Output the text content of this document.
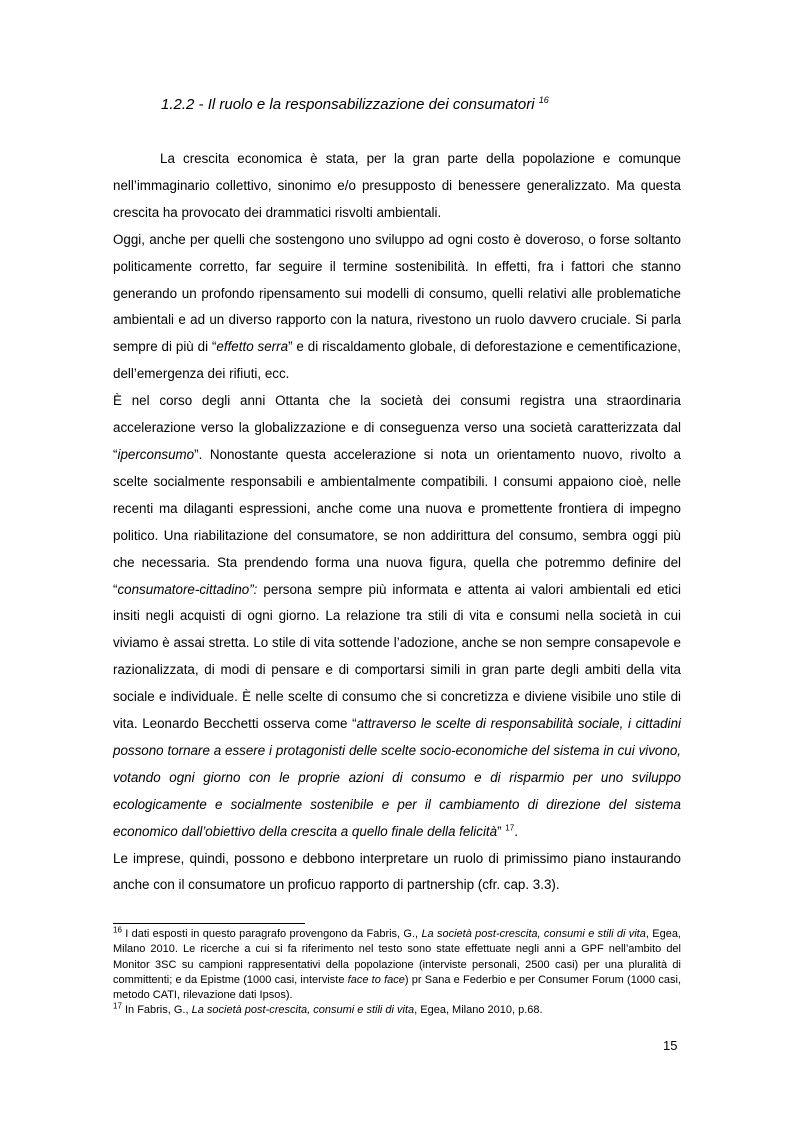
1.2.2 - Il ruolo e la responsabilizzazione dei consumatori $^{16}$

La crescita economica è stata, per la gran parte della popolazione e comunque nell’immaginario collettivo, sinonimo e/o presupposto di benessere generalizzato. Ma questa crescita ha provocato dei drammatici risvolti ambientali.

Oggi, anche per quelli che sostengono uno sviluppo ad ogni costo è doveroso, o forse soltanto politicamente corretto, far seguire il termine sostenibilità. In effetti, fra i fattori che stanno generando un profondo ripensamento sui modelli di consumo, quelli relativi alle problematiche ambientali e ad un diverso rapporto con la natura, rivestono un ruolo davvero cruciale. Si parla sempre di più di “effetto serra” e di riscaldamento globale, di deforestazione e cementificazione, dell’emergenza dei rifiuti, ecc.

È nel corso degli anni Ottanta che la società dei consumi registra una straordinaria accelerazione verso la globalizzazione e di conseguenza verso una società caratterizzata dal “iperconsumo”. Nonostante questa accelerazione si nota un orientamento nuovo, rivolto a scelte socialmente responsabili e ambientalmente compatibili. I consumi appaiono cioè, nelle recenti ma dilaganti espressioni, anche come una nuova e promettente frontiera di impegno politico. Una riabilitazione del consumatore, se non addirittura del consumo, sembra oggi più che necessaria. Sta prendendo forma una nuova figura, quella che potremmo definire del “consumatore-cittadino”: persona sempre più informata e attenta ai valori ambientali ed etici insiti negli acquisti di ogni giorno. La relazione tra stili di vita e consumi nella società in cui viviamo è assai stretta. Lo stile di vita sottende l’adozione, anche se non sempre consapevole e razionalizzata, di modi di pensare e di comportarsi simili in gran parte degli ambiti della vita sociale e individuale. È nelle scelte di consumo che si concretizza e diviene visibile uno stile di vita. Leonardo Becchetti osserva come “attraverso le scelte di responsabilità sociale, i cittadini possono tornare a essere i protagonisti delle scelte socio-economiche del sistema in cui vivono, votando ogni giorno con le proprie azioni di consumo e di risparmio per uno sviluppo ecologicamente e socialmente sostenibile e per il cambiamento di direzione del sistema economico dall’obiettivo della crescita a quello finale della felicità” $^{17}$.

Le imprese, quindi, possono e debbono interpretare un ruolo di primissimo piano instaurando anche con il consumatore un proficuo rapporto di partnership (cfr. cap. 3.3).

$^{16}$ I dati esposti in questo paragrafo provengono da Fabris, G., La società post-crescita, consumi e stili di vita, Egea, Milano 2010. Le ricerche a cui si fa riferimento nel testo sono state effettuate negli anni a GPF nell’ambito del Monitor 3SC su campioni rappresentativi della popolazione (interviste personali, 2500 casi) per una pluralità di committenti; e da Epistme (1000 casi, interviste face to face) pr Sana e Federbio e per Consumer Forum (1000 casi, metodo CATI, rilevazione dati Ipsos).

$^{17}$ In Fabris, G., La società post-crescita, consumi e stili di vita, Egea, Milano 2010, p.68.

15
